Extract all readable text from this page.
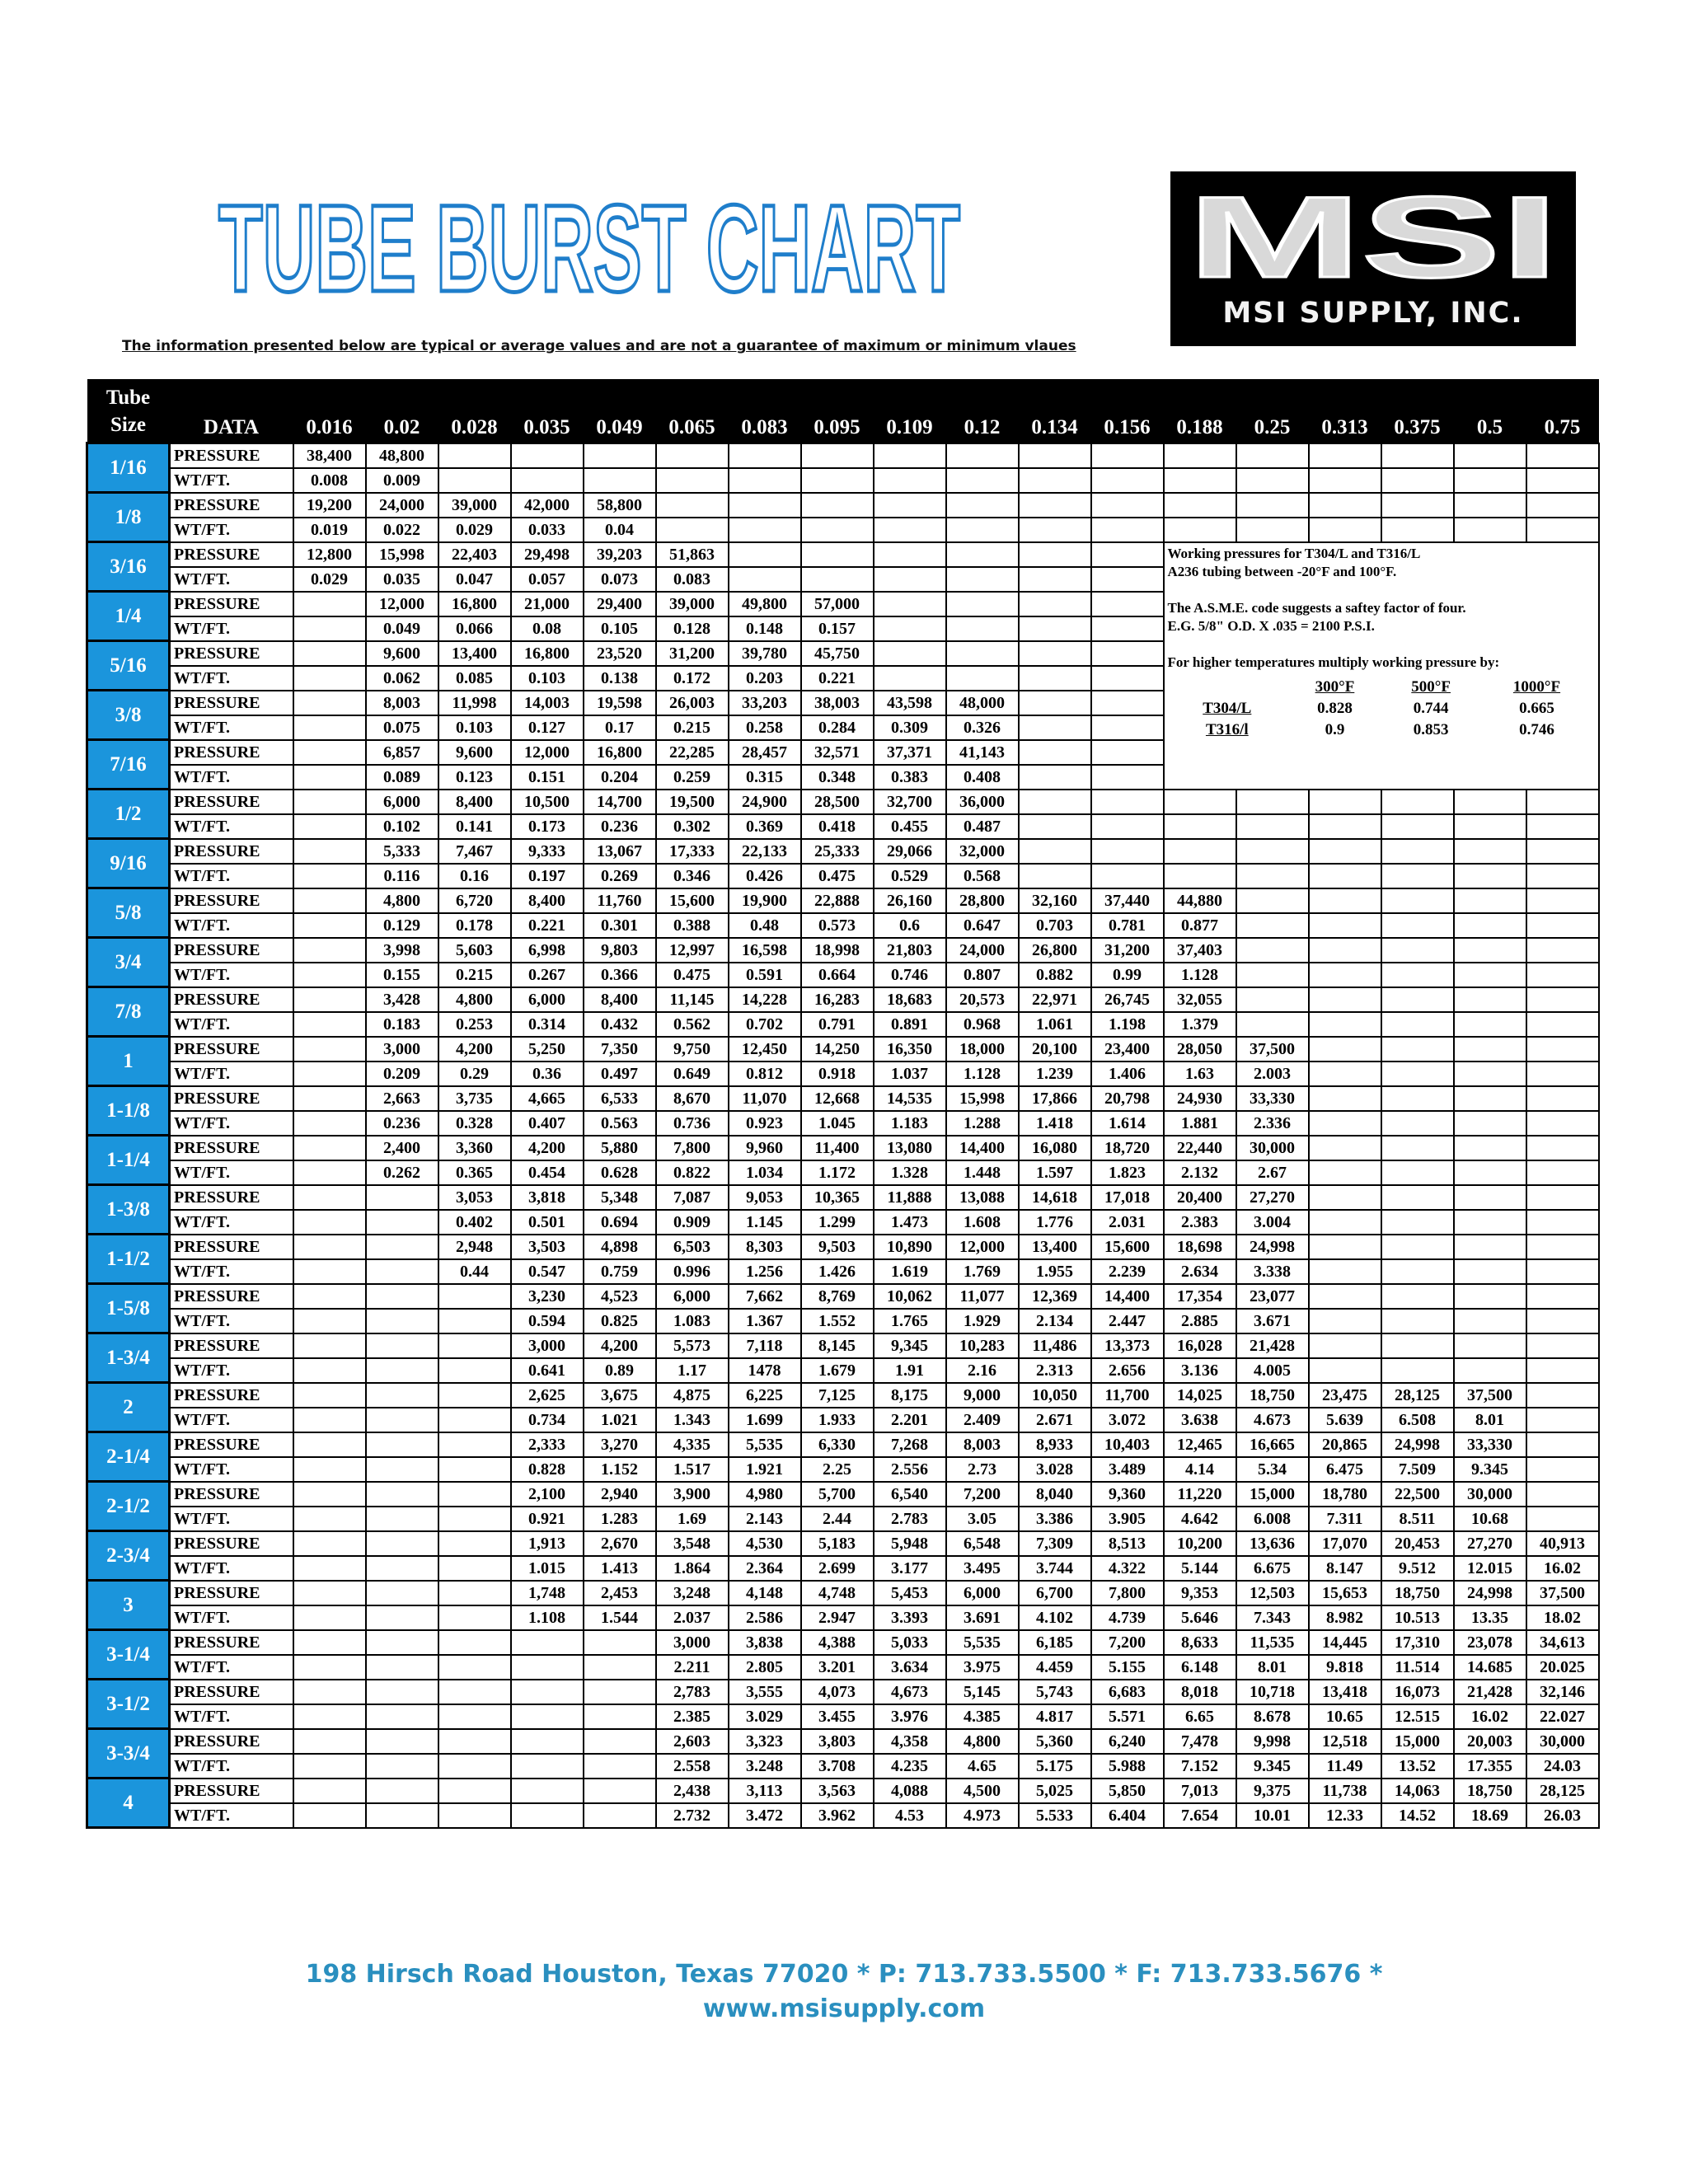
TUBE BURST CHART MSI
MSI SUPPLY, INC.
The information presented below are typical or average values and are not a guarantee of maximum or minimum vlaues
Tube
Size	DATA	0.016	0.02	0.028	0.035	0.049	0.065	0.083	0.095	0.109	0.12	0.134	0.156	0.188	0.25	0.313	0.375	0.5	0.75
1/16	PRESSURE	38,400	48,800																
WT/FT.	0.008	0.009																
1/8	PRESSURE	19,200	24,000	39,000	42,000	58,800													
WT/FT.	0.019	0.022	0.029	0.033	0.04													
3/16	PRESSURE	12,800	15,998	22,403	29,498	39,203	51,863							Working pressures for T304/L and T316/L
A236 tubing between -20°F and 100°F.
The A.S.M.E. code suggests a saftey factor of four.
E.G. 5/8" O.D. X .035 = 2100 P.S.I.
For higher temperatures multiply working pressure by:
	300°F	500°F	1000°F
T304/L	0.828	0.744	0.665
T316/l	0.9	0.853	0.746

WT/FT.	0.029	0.035	0.047	0.057	0.073	0.083						
1/4	PRESSURE		12,000	16,800	21,000	29,400	39,000	49,800	57,000				
WT/FT.		0.049	0.066	0.08	0.105	0.128	0.148	0.157				
5/16	PRESSURE		9,600	13,400	16,800	23,520	31,200	39,780	45,750				
WT/FT.		0.062	0.085	0.103	0.138	0.172	0.203	0.221				
3/8	PRESSURE		8,003	11,998	14,003	19,598	26,003	33,203	38,003	43,598	48,000		
WT/FT.		0.075	0.103	0.127	0.17	0.215	0.258	0.284	0.309	0.326		
7/16	PRESSURE		6,857	9,600	12,000	16,800	22,285	28,457	32,571	37,371	41,143		
WT/FT.		0.089	0.123	0.151	0.204	0.259	0.315	0.348	0.383	0.408		
1/2	PRESSURE		6,000	8,400	10,500	14,700	19,500	24,900	28,500	32,700	36,000								
WT/FT.		0.102	0.141	0.173	0.236	0.302	0.369	0.418	0.455	0.487								
9/16	PRESSURE		5,333	7,467	9,333	13,067	17,333	22,133	25,333	29,066	32,000								
WT/FT.		0.116	0.16	0.197	0.269	0.346	0.426	0.475	0.529	0.568								
5/8	PRESSURE		4,800	6,720	8,400	11,760	15,600	19,900	22,888	26,160	28,800	32,160	37,440	44,880					
WT/FT.		0.129	0.178	0.221	0.301	0.388	0.48	0.573	0.6	0.647	0.703	0.781	0.877					
3/4	PRESSURE		3,998	5,603	6,998	9,803	12,997	16,598	18,998	21,803	24,000	26,800	31,200	37,403					
WT/FT.		0.155	0.215	0.267	0.366	0.475	0.591	0.664	0.746	0.807	0.882	0.99	1.128					
7/8	PRESSURE		3,428	4,800	6,000	8,400	11,145	14,228	16,283	18,683	20,573	22,971	26,745	32,055					
WT/FT.		0.183	0.253	0.314	0.432	0.562	0.702	0.791	0.891	0.968	1.061	1.198	1.379					
1	PRESSURE		3,000	4,200	5,250	7,350	9,750	12,450	14,250	16,350	18,000	20,100	23,400	28,050	37,500				
WT/FT.		0.209	0.29	0.36	0.497	0.649	0.812	0.918	1.037	1.128	1.239	1.406	1.63	2.003				
1-1/8	PRESSURE		2,663	3,735	4,665	6,533	8,670	11,070	12,668	14,535	15,998	17,866	20,798	24,930	33,330				
WT/FT.		0.236	0.328	0.407	0.563	0.736	0.923	1.045	1.183	1.288	1.418	1.614	1.881	2.336				
1-1/4	PRESSURE		2,400	3,360	4,200	5,880	7,800	9,960	11,400	13,080	14,400	16,080	18,720	22,440	30,000				
WT/FT.		0.262	0.365	0.454	0.628	0.822	1.034	1.172	1.328	1.448	1.597	1.823	2.132	2.67				
1-3/8	PRESSURE			3,053	3,818	5,348	7,087	9,053	10,365	11,888	13,088	14,618	17,018	20,400	27,270				
WT/FT.			0.402	0.501	0.694	0.909	1.145	1.299	1.473	1.608	1.776	2.031	2.383	3.004				
1-1/2	PRESSURE			2,948	3,503	4,898	6,503	8,303	9,503	10,890	12,000	13,400	15,600	18,698	24,998				
WT/FT.			0.44	0.547	0.759	0.996	1.256	1.426	1.619	1.769	1.955	2.239	2.634	3.338				
1-5/8	PRESSURE				3,230	4,523	6,000	7,662	8,769	10,062	11,077	12,369	14,400	17,354	23,077				
WT/FT.				0.594	0.825	1.083	1.367	1.552	1.765	1.929	2.134	2.447	2.885	3.671				
1-3/4	PRESSURE				3,000	4,200	5,573	7,118	8,145	9,345	10,283	11,486	13,373	16,028	21,428				
WT/FT.				0.641	0.89	1.17	1478	1.679	1.91	2.16	2.313	2.656	3.136	4.005				
2	PRESSURE				2,625	3,675	4,875	6,225	7,125	8,175	9,000	10,050	11,700	14,025	18,750	23,475	28,125	37,500	
WT/FT.				0.734	1.021	1.343	1.699	1.933	2.201	2.409	2.671	3.072	3.638	4.673	5.639	6.508	8.01	
2-1/4	PRESSURE				2,333	3,270	4,335	5,535	6,330	7,268	8,003	8,933	10,403	12,465	16,665	20,865	24,998	33,330	
WT/FT.				0.828	1.152	1.517	1.921	2.25	2.556	2.73	3.028	3.489	4.14	5.34	6.475	7.509	9.345	
2-1/2	PRESSURE				2,100	2,940	3,900	4,980	5,700	6,540	7,200	8,040	9,360	11,220	15,000	18,780	22,500	30,000	
WT/FT.				0.921	1.283	1.69	2.143	2.44	2.783	3.05	3.386	3.905	4.642	6.008	7.311	8.511	10.68	
2-3/4	PRESSURE				1,913	2,670	3,548	4,530	5,183	5,948	6,548	7,309	8,513	10,200	13,636	17,070	20,453	27,270	40,913
WT/FT.				1.015	1.413	1.864	2.364	2.699	3.177	3.495	3.744	4.322	5.144	6.675	8.147	9.512	12.015	16.02
3	PRESSURE				1,748	2,453	3,248	4,148	4,748	5,453	6,000	6,700	7,800	9,353	12,503	15,653	18,750	24,998	37,500
WT/FT.				1.108	1.544	2.037	2.586	2.947	3.393	3.691	4.102	4.739	5.646	7.343	8.982	10.513	13.35	18.02
3-1/4	PRESSURE						3,000	3,838	4,388	5,033	5,535	6,185	7,200	8,633	11,535	14,445	17,310	23,078	34,613
WT/FT.						2.211	2.805	3.201	3.634	3.975	4.459	5.155	6.148	8.01	9.818	11.514	14.685	20.025
3-1/2	PRESSURE						2,783	3,555	4,073	4,673	5,145	5,743	6,683	8,018	10,718	13,418	16,073	21,428	32,146
WT/FT.						2.385	3.029	3.455	3.976	4.385	4.817	5.571	6.65	8.678	10.65	12.515	16.02	22.027
3-3/4	PRESSURE						2,603	3,323	3,803	4,358	4,800	5,360	6,240	7,478	9,998	12,518	15,000	20,003	30,000
WT/FT.						2.558	3.248	3.708	4.235	4.65	5.175	5.988	7.152	9.345	11.49	13.52	17.355	24.03
4	PRESSURE						2,438	3,113	3,563	4,088	4,500	5,025	5,850	7,013	9,375	11,738	14,063	18,750	28,125
WT/FT.						2.732	3.472	3.962	4.53	4.973	5.533	6.404	7.654	10.01	12.33	14.52	18.69	26.03
198 Hirsch Road Houston, Texas 77020 * P: 713.733.5500 * F: 713.733.5676 *
www.msisupply.com
